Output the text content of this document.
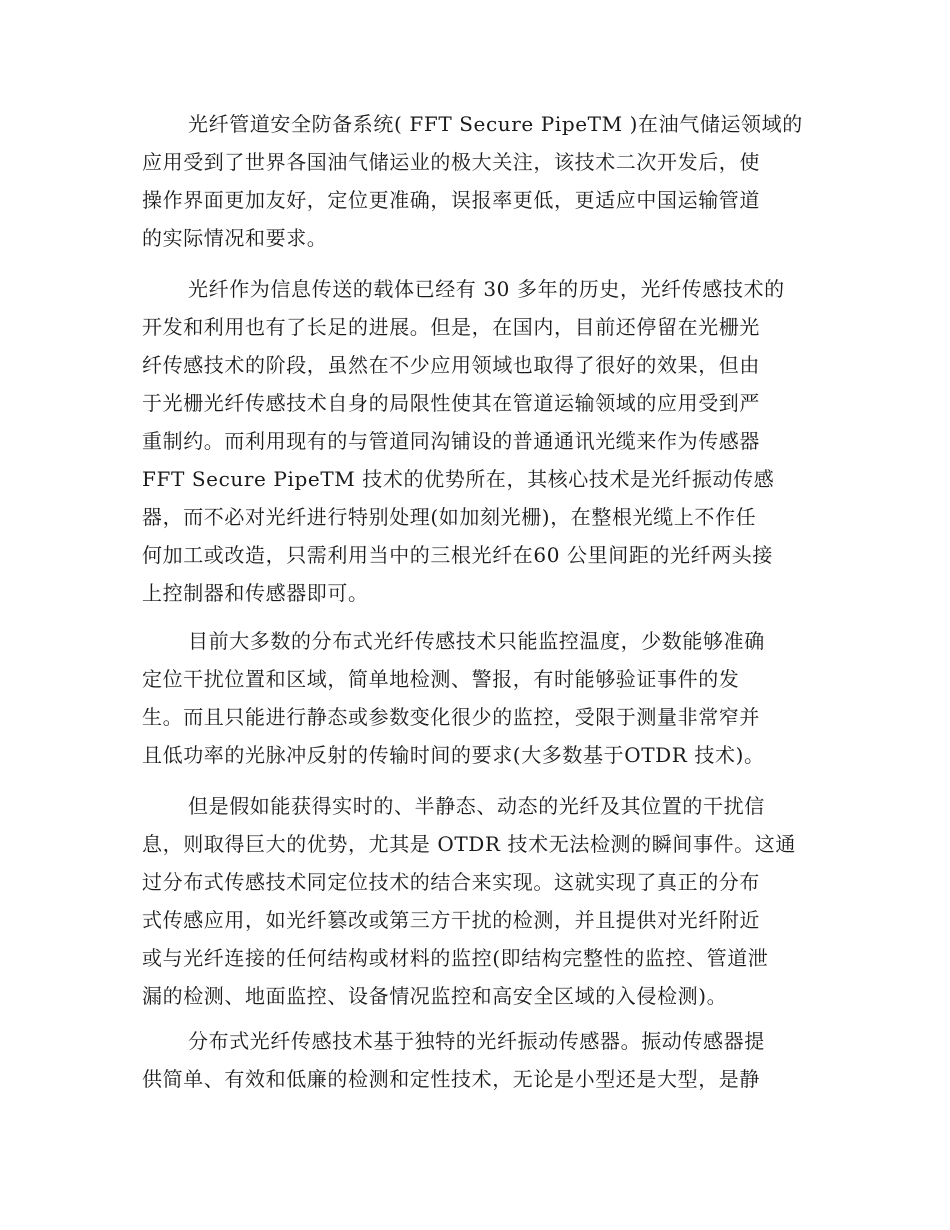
光纤管道安全防备系统( FFT Secure PipeTM )在油气储运领域的
应用受到了世界各国油气储运业的极大关注，该技术二次开发后，使
操作界面更加友好，定位更准确，误报率更低，更适应中国运输管道
的实际情况和要求。
光纤作为信息传送的载体已经有 30 多年的历史，光纤传感技术的
开发和利用也有了长足的进展。但是，在国内，目前还停留在光栅光
纤传感技术的阶段，虽然在不少应用领域也取得了很好的效果，但由
于光栅光纤传感技术自身的局限性使其在管道运输领域的应用受到严
重制约。而利用现有的与管道同沟铺设的普通通讯光缆来作为传感器
FFT Secure PipeTM 技术的优势所在，其核心技术是光纤振动传感
器，而不必对光纤进行特别处理(如加刻光栅)，在整根光缆上不作任
何加工或改造，只需利用当中的三根光纤在60 公里间距的光纤两头接
上控制器和传感器即可。
目前大多数的分布式光纤传感技术只能监控温度，少数能够准确
定位干扰位置和区域，简单地检测、警报，有时能够验证事件的发
生。而且只能进行静态或参数变化很少的监控，受限于测量非常窄并
且低功率的光脉冲反射的传输时间的要求(大多数基于OTDR 技术)。
但是假如能获得实时的、半静态、动态的光纤及其位置的干扰信
息，则取得巨大的优势，尤其是 OTDR 技术无法检测的瞬间事件。这通
过分布式传感技术同定位技术的结合来实现。这就实现了真正的分布
式传感应用，如光纤篡改或第三方干扰的检测，并且提供对光纤附近
或与光纤连接的任何结构或材料的监控(即结构完整性的监控、管道泄
漏的检测、地面监控、设备情况监控和高安全区域的入侵检测)。
分布式光纤传感技术基于独特的光纤振动传感器。振动传感器提
供简单、有效和低廉的检测和定性技术，无论是小型还是大型，是静
